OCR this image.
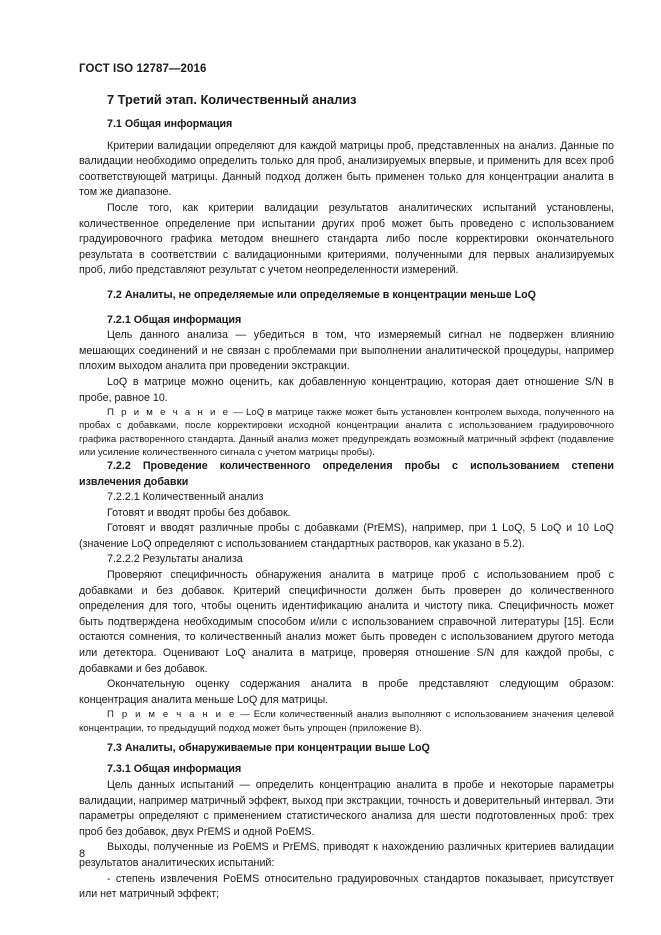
ГОСТ ISO 12787—2016
7 Третий этап. Количественный анализ

7.1 Общая информация

Критерии валидации определяют для каждой матрицы проб, представленных на анализ. Данные по валидации необходимо определить только для проб, анализируемых впервые, и применить для всех проб соответствующей матрицы. Данный подход должен быть применен только для концентрации аналита в том же диапазоне.

После того, как критерии валидации результатов аналитических испытаний установлены, количественное определение при испытании других проб может быть проведено с использованием градуировочного графика методом внешнего стандарта либо после корректировки окончательного результата в соответствии с валидационными критериями, полученными для первых анализируемых проб, либо представляют результат с учетом неопределенности измерений.

7.2 Аналиты, не определяемые или определяемые в концентрации меньше LoQ

7.2.1 Общая информация

Цель данного анализа — убедиться в том, что измеряемый сигнал не подвержен влиянию мешающих соединений и не связан с проблемами при выполнении аналитической процедуры, например плохим выходом аналита при проведении экстракции.

LoQ в матрице можно оценить, как добавленную концентрацию, которая дает отношение S/N в пробе, равное 10.

П р и м е ч а н и е — LoQ в матрице также может быть установлен контролем выхода, полученного на пробах с добавками, после корректировки исходной концентрации аналита с использованием градуировочного графика растворенного стандарта. Данный анализ может предупреждать возможный матричный эффект (подавление или усиление количественного сигнала с учетом матрицы пробы).

7.2.2 Проведение количественного определения пробы с использованием степени извлечения добавки

7.2.2.1 Количественный анализ

Готовят и вводят пробы без добавок.

Готовят и вводят различные пробы с добавками (PrEMS), например, при 1 LoQ, 5 LoQ и 10 LoQ (значение LoQ определяют с использованием стандартных растворов, как указано в 5.2).

7.2.2.2 Результаты анализа

Проверяют специфичность обнаружения аналита в матрице проб с использованием проб с добавками и без добавок. Критерий специфичности должен быть проверен до количественного определения для того, чтобы оценить идентификацию аналита и чистоту пика. Специфичность может быть подтверждена необходимым способом и/или с использованием справочной литературы [15]. Если остаются сомнения, то количественный анализ может быть проведен с использованием другого метода или детектора. Оценивают LoQ аналита в матрице, проверяя отношение S/N для каждой пробы, с добавками и без добавок.

Окончательную оценку содержания аналита в пробе представляют следующим образом: концентрация аналита меньше LoQ для матрицы.

П р и м е ч а н и е — Если количественный анализ выполняют с использованием значения целевой концентрации, то предыдущий подход может быть упрощен (приложение B).

7.3 Аналиты, обнаруживаемые при концентрации выше LoQ

7.3.1 Общая информация

Цель данных испытаний — определить концентрацию аналита в пробе и некоторые параметры валидации, например матричный эффект, выход при экстракции, точность и доверительный интервал. Эти параметры определяют с применением статистического анализа для шести подготовленных проб: трех проб без добавок, двух PrEMS и одной PoEMS.

Выходы, полученные из PoEMS и PrEMS, приводят к нахождению различных критериев валидации результатов аналитических испытаний:

- степень извлечения PoEMS относительно градуировочных стандартов показывает, присутствует или нет матричный эффект;

8
